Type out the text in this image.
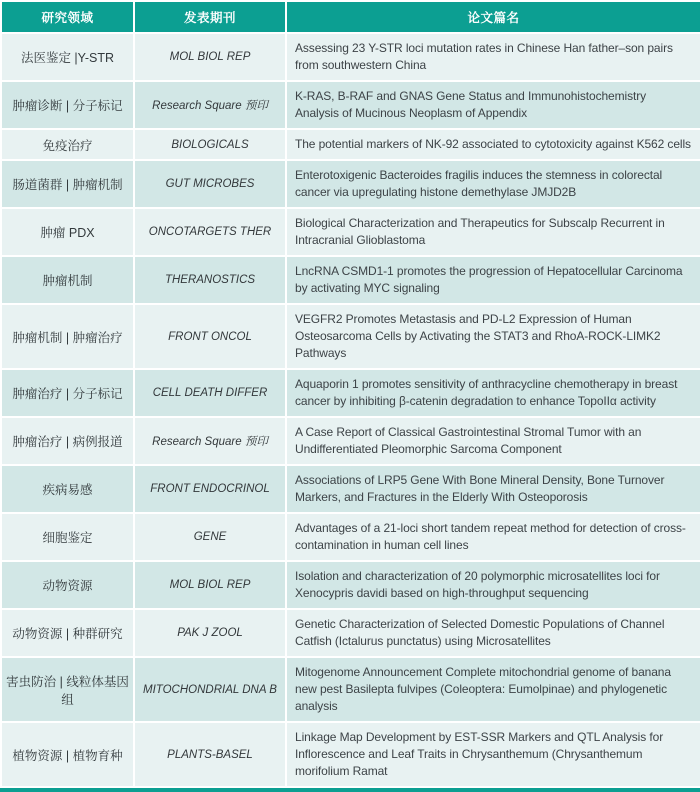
研究领域	发表期刊	论文篇名
法医鉴定 |Y-STR	MOL BIOL REP	Assessing 23 Y-STR loci mutation rates in Chinese Han father–son pairs from southwestern China
肿瘤诊断 | 分子标记	Research Square 预印	K-RAS, B-RAF and GNAS Gene Status and Immunohistochemistry Analysis of Mucinous Neoplasm of Appendix
免疫治疗	BIOLOGICALS	The potential markers of NK-92 associated to cytotoxicity against K562 cells
肠道菌群 | 肿瘤机制	GUT MICROBES	Enterotoxigenic Bacteroides fragilis induces the stemness in colorectal cancer via upregulating histone demethylase JMJD2B
肿瘤 PDX	ONCOTARGETS THER	Biological Characterization and Therapeutics for Subscalp Recurrent in Intracranial Glioblastoma
肿瘤机制	THERANOSTICS	LncRNA CSMD1-1 promotes the progression of Hepatocellular Carcinoma by activating MYC signaling
肿瘤机制 | 肿瘤治疗	FRONT ONCOL	VEGFR2 Promotes Metastasis and PD-L2 Expression of Human Osteosarcoma Cells by Activating the STAT3 and RhoA-ROCK-LIMK2 Pathways
肿瘤治疗 | 分子标记	CELL DEATH DIFFER	Aquaporin 1 promotes sensitivity of anthracycline chemotherapy in breast cancer by inhibiting β-catenin degradation to enhance TopoIIα activity
肿瘤治疗 | 病例报道	Research Square 预印	A Case Report of Classical Gastrointestinal Stromal Tumor with an Undifferentiated Pleomorphic Sarcoma Component
疾病易感	FRONT ENDOCRINOL	Associations of LRP5 Gene With Bone Mineral Density, Bone Turnover Markers, and Fractures in the Elderly With Osteoporosis
细胞鉴定	GENE	Advantages of a 21-loci short tandem repeat method for detection of cross-contamination in human cell lines
动物资源	MOL BIOL REP	Isolation and characterization of 20 polymorphic microsatellites loci for Xenocypris davidi based on high-throughput sequencing
动物资源 | 种群研究	PAK J ZOOL	Genetic Characterization of Selected Domestic Populations of Channel Catfish (Ictalurus punctatus) using Microsatellites
害虫防治 | 线粒体基因组	MITOCHONDRIAL DNA B	Mitogenome Announcement Complete mitochondrial genome of banana new pest Basilepta fulvipes (Coleoptera: Eumolpinae) and phylogenetic analysis
植物资源 | 植物育种	PLANTS-BASEL	Linkage Map Development by EST-SSR Markers and QTL Analysis for Inflorescence and Leaf Traits in Chrysanthemum (Chrysanthemum morifolium Ramat
